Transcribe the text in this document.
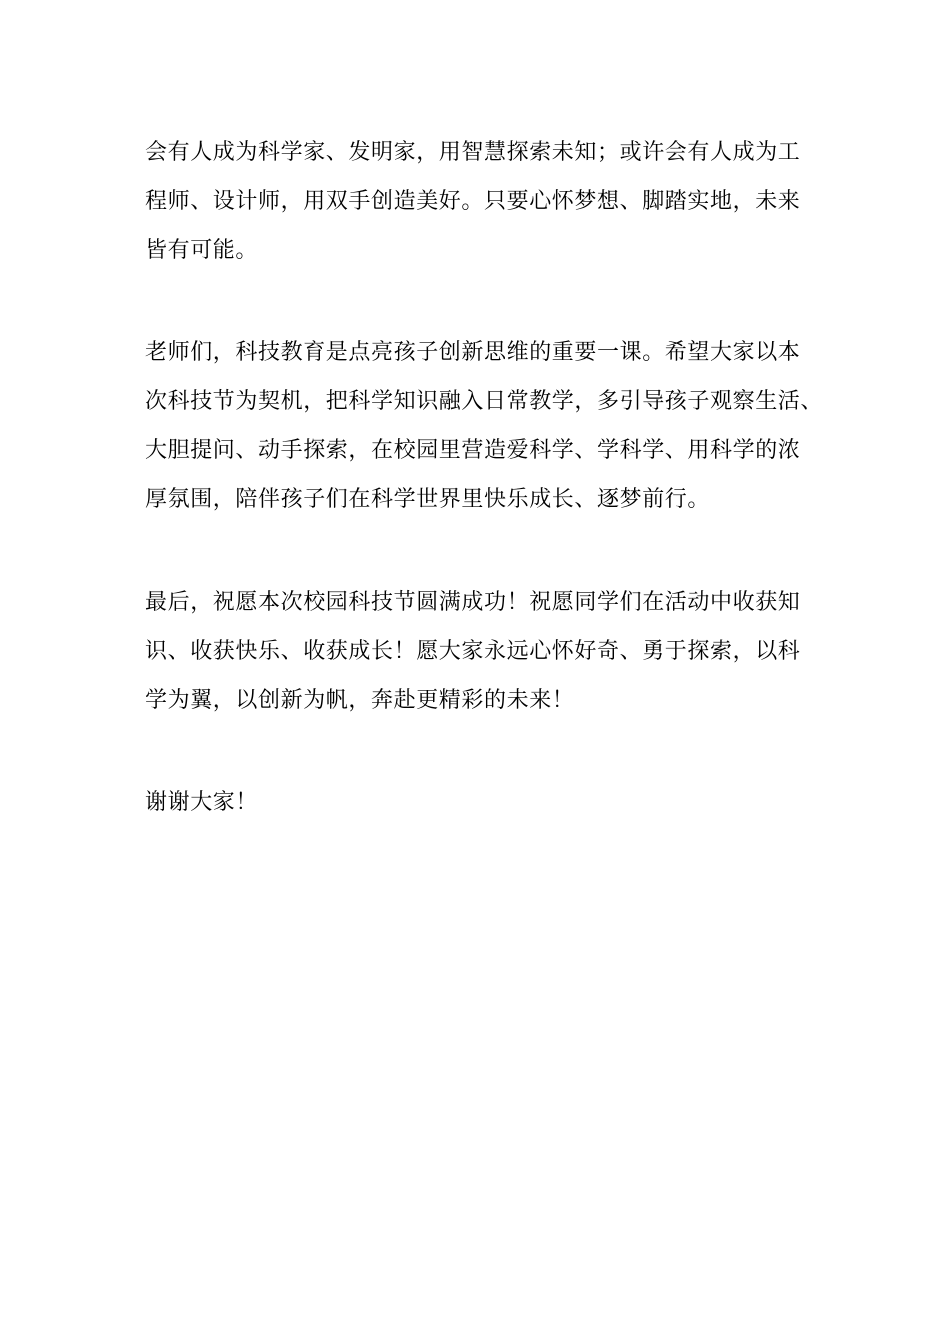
会有人成为科学家、发明家，用智慧探索未知；或许会有人成为工
程师、设计师，用双手创造美好。只要心怀梦想、脚踏实地，未来
皆有可能。
老师们，科技教育是点亮孩子创新思维的重要一课。希望大家以本
次科技节为契机，把科学知识融入日常教学，多引导孩子观察生活、
大胆提问、动手探索，在校园里营造爱科学、学科学、用科学的浓
厚氛围，陪伴孩子们在科学世界里快乐成长、逐梦前行。
最后，祝愿本次校园科技节圆满成功！祝愿同学们在活动中收获知
识、收获快乐、收获成长！愿大家永远心怀好奇、勇于探索，以科
学为翼，以创新为帆，奔赴更精彩的未来！
谢谢大家！
